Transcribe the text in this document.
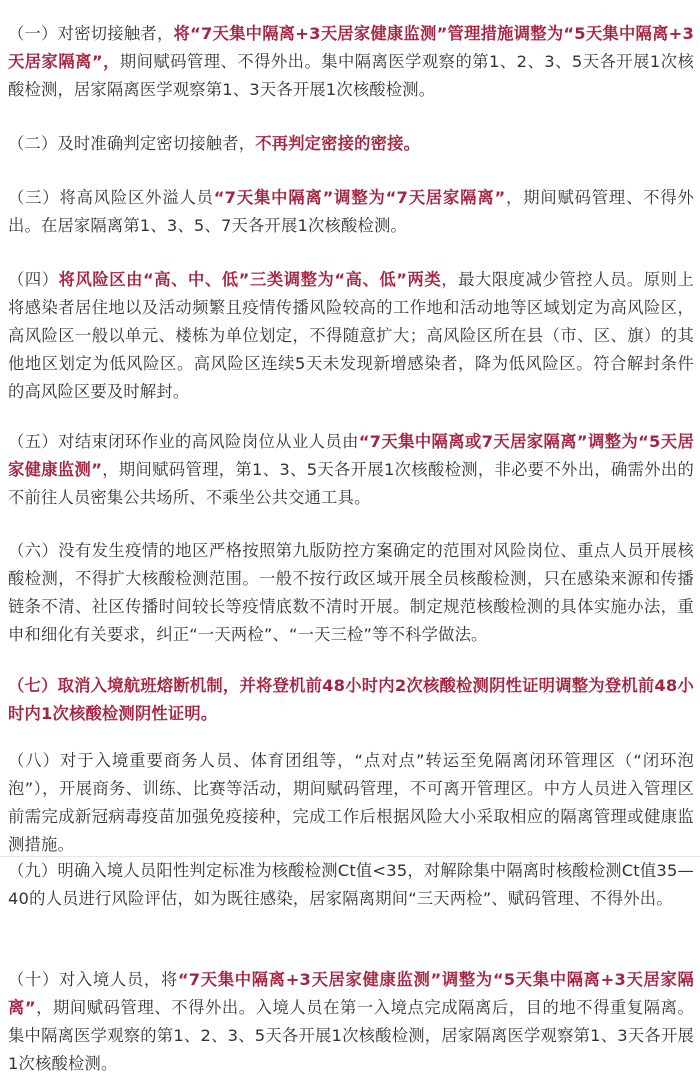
（一）对密切接触者，将“7天集中隔离+3天居家健康监测”管理措施调整为“5天集中隔离+3天居家隔离”，期间赋码管理、不得外出。集中隔离医学观察的第1、2、3、5天各开展1次核酸检测，居家隔离医学观察第1、3天各开展1次核酸检测。
（二）及时准确判定密切接触者，不再判定密接的密接。
（三）将高风险区外溢人员“7天集中隔离”调整为“7天居家隔离”，期间赋码管理、不得外出。在居家隔离第1、3、5、7天各开展1次核酸检测。
（四）将风险区由“高、中、低”三类调整为“高、低”两类，最大限度减少管控人员。原则上将感染者居住地以及活动频繁且疫情传播风险较高的工作地和活动地等区域划定为高风险区，高风险区一般以单元、楼栋为单位划定，不得随意扩大；高风险区所在县（市、区、旗）的其他地区划定为低风险区。高风险区连续5天未发现新增感染者，降为低风险区。符合解封条件的高风险区要及时解封。
（五）对结束闭环作业的高风险岗位从业人员由“7天集中隔离或7天居家隔离”调整为“5天居家健康监测”，期间赋码管理，第1、3、5天各开展1次核酸检测，非必要不外出，确需外出的不前往人员密集公共场所、不乘坐公共交通工具。
（六）没有发生疫情的地区严格按照第九版防控方案确定的范围对风险岗位、重点人员开展核酸检测，不得扩大核酸检测范围。一般不按行政区域开展全员核酸检测，只在感染来源和传播链条不清、社区传播时间较长等疫情底数不清时开展。制定规范核酸检测的具体实施办法，重申和细化有关要求，纠正“一天两检”、“一天三检”等不科学做法。
（七）取消入境航班熔断机制，并将登机前48小时内2次核酸检测阴性证明调整为登机前48小时内1次核酸检测阴性证明。
（八）对于入境重要商务人员、体育团组等，“点对点”转运至免隔离闭环管理区（“闭环泡泡”），开展商务、训练、比赛等活动，期间赋码管理，不可离开管理区。中方人员进入管理区前需完成新冠病毒疫苗加强免疫接种，完成工作后根据风险大小采取相应的隔离管理或健康监测措施。
（九）明确入境人员阳性判定标准为核酸检测Ct值<35，对解除集中隔离时核酸检测Ct值35—40的人员进行风险评估，如为既往感染，居家隔离期间“三天两检”、赋码管理、不得外出。
（十）对入境人员，将“7天集中隔离+3天居家健康监测”调整为“5天集中隔离+3天居家隔离”，期间赋码管理、不得外出。入境人员在第一入境点完成隔离后，目的地不得重复隔离。集中隔离医学观察的第1、2、3、5天各开展1次核酸检测，居家隔离医学观察第1、3天各开展1次核酸检测。
